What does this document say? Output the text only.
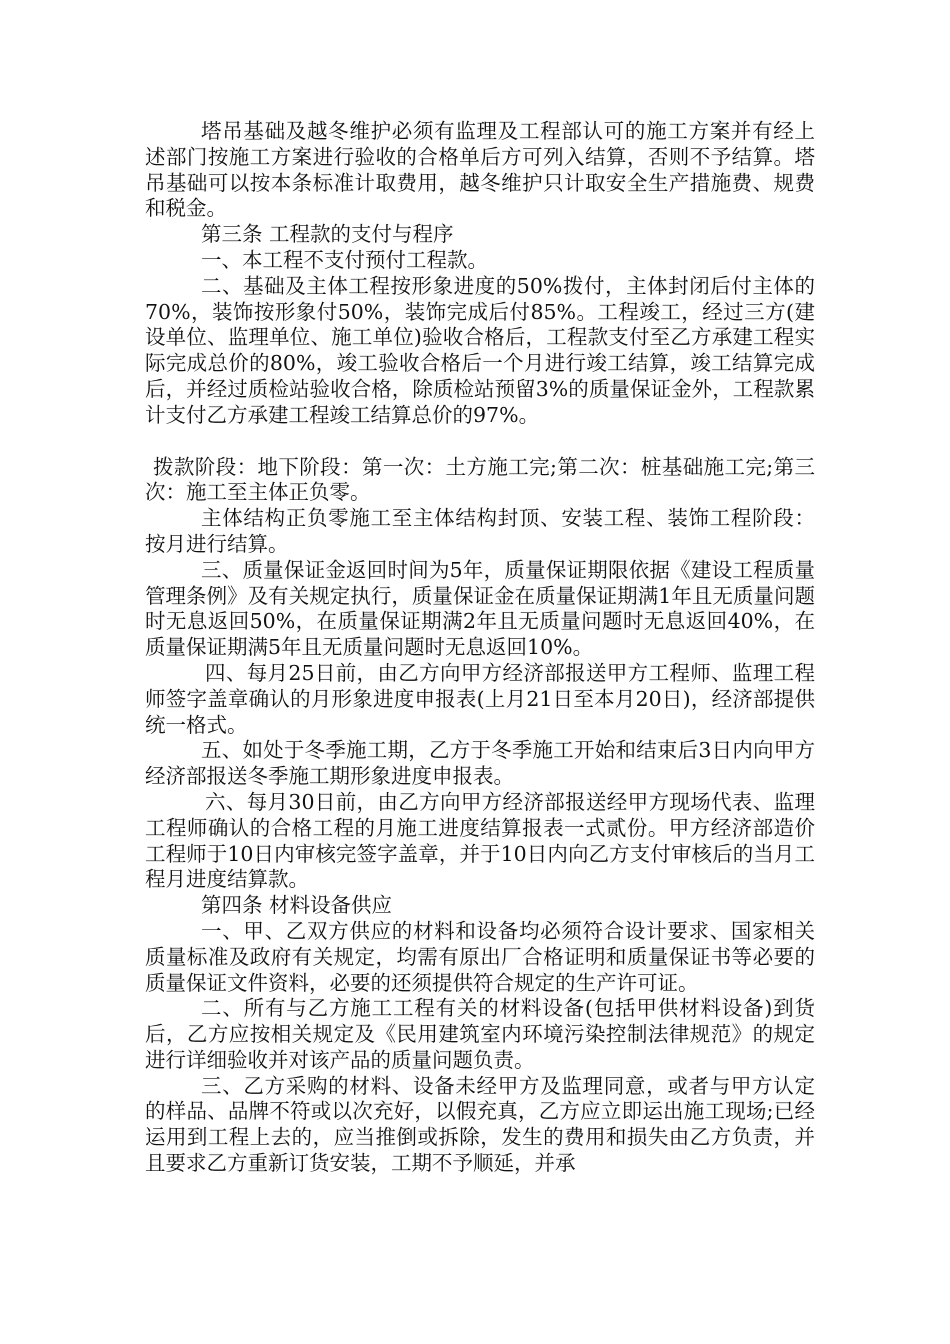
塔吊基础及越冬维护必须有监理及工程部认可的施工方案并有经上述部门按施工方案进行验收的合格单后方可列入结算，否则不予结算。塔吊基础可以按本条标准计取费用，越冬维护只计取安全生产措施费、规费和税金。

第三条 工程款的支付与程序

一、本工程不支付预付工程款。

二、基础及主体工程按形象进度的50%拨付，主体封闭后付主体的70%，装饰按形象付50%，装饰完成后付85%。工程竣工，经过三方(建设单位、监理单位、施工单位)验收合格后，工程款支付至乙方承建工程实际完成总价的80%，竣工验收合格后一个月进行竣工结算，竣工结算完成后，并经过质检站验收合格，除质检站预留3%的质量保证金外，工程款累计支付乙方承建工程竣工结算总价的97%。

拨款阶段：地下阶段：第一次：土方施工完;第二次：桩基础施工完;第三次：施工至主体正负零。

主体结构正负零施工至主体结构封顶、安装工程、装饰工程阶段：按月进行结算。

三、质量保证金返回时间为5年，质量保证期限依据《建设工程质量管理条例》及有关规定执行，质量保证金在质量保证期满1年且无质量问题时无息返回50%，在质量保证期满2年且无质量问题时无息返回40%，在质量保证期满5年且无质量问题时无息返回10%。

四、每月25日前，由乙方向甲方经济部报送甲方工程师、监理工程师签字盖章确认的月形象进度申报表(上月21日至本月20日)，经济部提供统一格式。

五、如处于冬季施工期，乙方于冬季施工开始和结束后3日内向甲方经济部报送冬季施工期形象进度申报表。

六、每月30日前，由乙方向甲方经济部报送经甲方现场代表、监理工程师确认的合格工程的月施工进度结算报表一式贰份。甲方经济部造价工程师于10日内审核完签字盖章，并于10日内向乙方支付审核后的当月工程月进度结算款。

第四条 材料设备供应

一、甲、乙双方供应的材料和设备均必须符合设计要求、国家相关质量标准及政府有关规定，均需有原出厂合格证明和质量保证书等必要的质量保证文件资料，必要的还须提供符合规定的生产许可证。

二、所有与乙方施工工程有关的材料设备(包括甲供材料设备)到货后，乙方应按相关规定及《民用建筑室内环境污染控制法律规范》的规定进行详细验收并对该产品的质量问题负责。

三、乙方采购的材料、设备未经甲方及监理同意，或者与甲方认定的样品、品牌不符或以次充好，以假充真，乙方应立即运出施工现场;已经运用到工程上去的，应当推倒或拆除，发生的费用和损失由乙方负责，并且要求乙方重新订货安装，工期不予顺延，并承
